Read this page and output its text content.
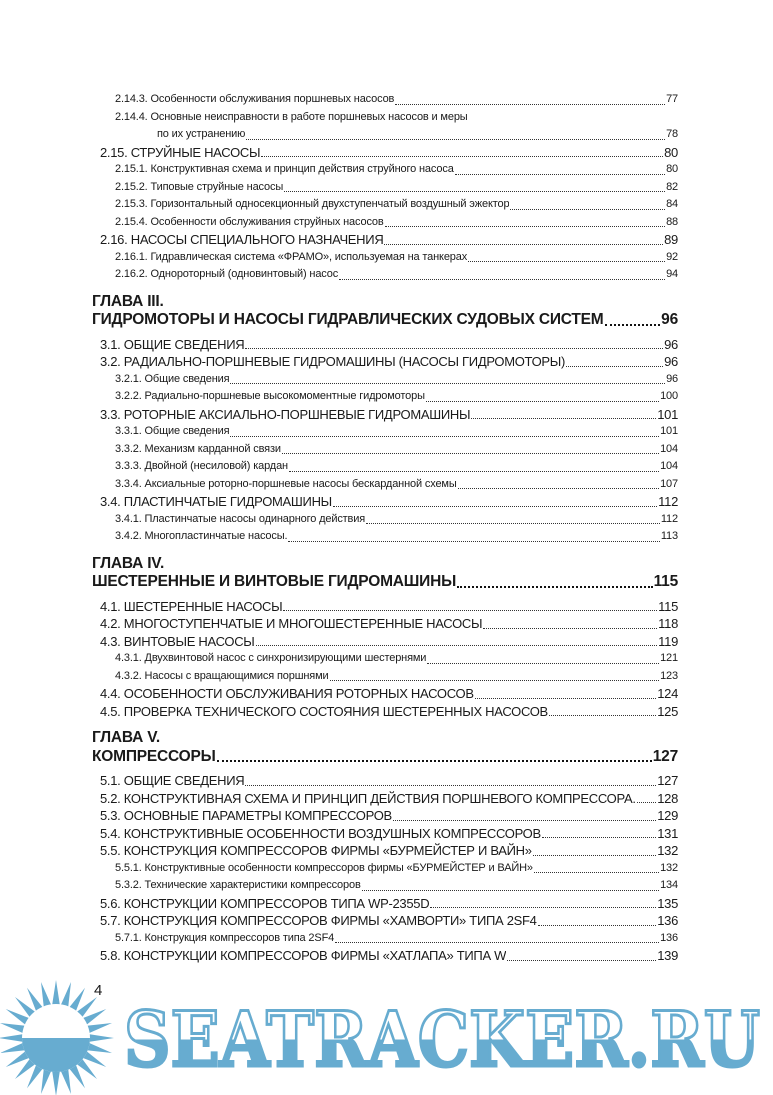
2.14.3. Особенности обслуживания поршневых насосов	77
2.14.4. Основные неисправности в работе поршневых насосов и меры
по их устранению	78
2.15. СТРУЙНЫЕ НАСОСЫ	80
2.15.1. Конструктивная схема и принцип действия струйного насоса	80
2.15.2. Типовые струйные насосы	82
2.15.3. Горизонтальный односекционный двухступенчатый воздушный эжектор	84
2.15.4. Особенности обслуживания струйных насосов	88
2.16. НАСОСЫ СПЕЦИАЛЬНОГО НАЗНАЧЕНИЯ	89
2.16.1. Гидравлическая система «ФРАМО», используемая на танкерах	92
2.16.2. Однороторный (одновинтовый) насос	94
ГЛАВА III.
ГИДРОМОТОРЫ И НАСОСЫ ГИДРАВЛИЧЕСКИХ СУДОВЫХ СИСТЕМ	96
3.1. ОБЩИЕ СВЕДЕНИЯ	96
3.2. РАДИАЛЬНО-ПОРШНЕВЫЕ ГИДРОМАШИНЫ (НАСОСЫ ГИДРОМОТОРЫ)	96
3.2.1. Общие сведения	96
3.2.2. Радиально-поршневые высокомоментные гидромоторы	100
3.3. РОТОРНЫЕ АКСИАЛЬНО-ПОРШНЕВЫЕ ГИДРОМАШИНЫ	101
3.3.1. Общие сведения	101
3.3.2. Механизм карданной связи	104
3.3.3. Двойной (несиловой) кардан	104
3.3.4. Аксиальные роторно-поршневые насосы бескарданной схемы	107
3.4. ПЛАСТИНЧАТЫЕ ГИДРОМАШИНЫ	112
3.4.1. Пластинчатые насосы одинарного действия	112
3.4.2. Многопластинчатые насосы.	113
ГЛАВА IV.
ШЕСТЕРЕННЫЕ И ВИНТОВЫЕ ГИДРОМАШИНЫ	115
4.1. ШЕСТЕРЕННЫЕ НАСОСЫ	115
4.2. МНОГОСТУПЕНЧАТЫЕ И МНОГОШЕСТЕРЕННЫЕ НАСОСЫ	118
4.3. ВИНТОВЫЕ НАСОСЫ	119
4.3.1. Двухвинтовой насос с синхронизирующими шестернями	121
4.3.2. Насосы с вращающимися поршнями	123
4.4. ОСОБЕННОСТИ ОБСЛУЖИВАНИЯ РОТОРНЫХ НАСОСОВ	124
4.5. ПРОВЕРКА ТЕХНИЧЕСКОГО СОСТОЯНИЯ ШЕСТЕРЕННЫХ НАСОСОВ	125
ГЛАВА V.
КОМПРЕССОРЫ	127
5.1. ОБЩИЕ СВЕДЕНИЯ	127
5.2. КОНСТРУКТИВНАЯ СХЕМА И ПРИНЦИП ДЕЙСТВИЯ ПОРШНЕВОГО КОМПРЕССОРА. 128
5.3. ОСНОВНЫЕ ПАРАМЕТРЫ КОМПРЕССОРОВ	129
5.4. КОНСТРУКТИВНЫЕ ОСОБЕННОСТИ ВОЗДУШНЫХ КОМПРЕССОРОВ	131
5.5. КОНСТРУКЦИЯ КОМПРЕССОРОВ ФИРМЫ «БУРМЕЙСТЕР И ВАЙН»	132
5.5.1. Конструктивные особенности компрессоров фирмы «БУРМЕЙСТЕР и ВАЙН»	132
5.3.2. Технические характеристики компрессоров	134
5.6. КОНСТРУКЦИИ КОМПРЕССОРОВ ТИПА WP-2355D	135
5.7. КОНСТРУКЦИЯ КОМПРЕССОРОВ ФИРМЫ «ХАМВОРТИ» ТИПА 2SF4	136
5.7.1. Конструкция компрессоров типа 2SF4	136
5.8. КОНСТРУКЦИИ КОМПРЕССОРОВ ФИРМЫ «ХАТЛАПА» ТИПА W	139
4
SEATRACKER.RU
